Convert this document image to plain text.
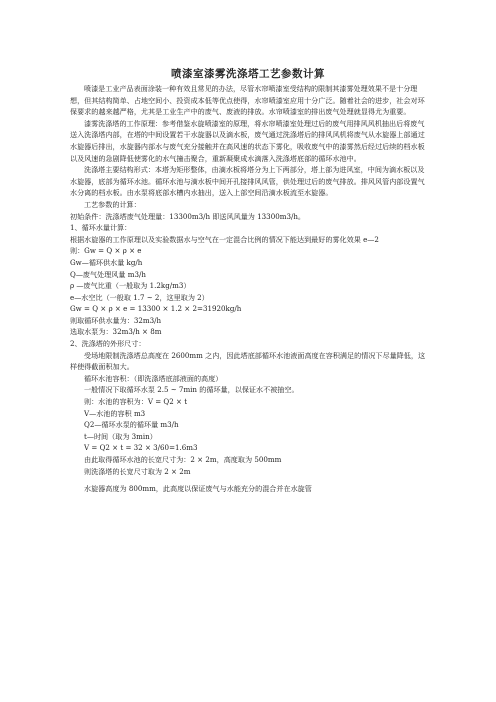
喷漆室漆雾洗涤塔工艺参数计算

喷漆是工业产品表面涂装一种有效且常见的办法，尽管水帘喷漆室受结构的限制其漆雾处理效果不是十分理想，但其结构简单、占地空间小、投资成本低等优点使得，水帘喷漆室应用十分广泛。随着社会的进步，社会对环保要求的越来越严格，尤其是工业生产中的废气、废液的排放。水帘喷漆室的排出废气处理就显得尤为重要。

漆雾洗涤塔的工作原理：参考借鉴水旋喷漆室的原理，将水帘喷漆室处理过后的废气用排风风机抽出后将废气送入洗涤塔内部，在塔的中间设置若干水旋器以及滴水板，废气通过洗涤塔后的排风风机将废气从水旋器上部通过水旋器后排出，水旋器内部水与废气充分接触并在高风速的状态下雾化，吸收废气中的漆雾然后经过后续的档水板以及风速的急剧降低使雾化的水气撞击聚合，重新凝聚成水滴落入洗涤塔底部的循环水池中。

洗涤塔主要结构形式：本塔为矩形整体，由滴水板将塔分为上下两部分，塔上部为进风室，中间为滴水板以及水旋器，底部为循环水池。循环水池与滴水板中间开孔接排风风管，供处理过后的废气排放。排风风管内部设置气水分离的档水板。由水泵将底部水槽内水抽出，送入上部空间沿滴水板流至水旋器。

工艺参数的计算：

初始条件：洗涤塔废气处理量：13300m3/h 即送风风量为 13300m3/h。

1、循环水量计算：

根据水旋器的工作原理以及实验数据水与空气在一定混合比例的情况下能达到最好的雾化效果 e—2

则：Gw = Q × ρ × e

Gw—循环供水量 kg/h

Q—废气处理风量 m3/h

ρ —废气比重（一般取为 1.2kg/m3）

e—水空比（一般取 1.7 ~ 2，这里取为 2）

Gw = Q × ρ × e = 13300 × 1.2 × 2=31920kg/h

则取循环供水量为：32m3/h

选取水泵为：32m3/h × 8m

2、洗涤塔的外形尺寸：

受场地限制洗涤塔总高度在 2600mm 之内，因此塔底部循环水池液面高度在容积满足的情况下尽量降低，这样使得截面积加大。

循环水池容积：（即洗涤塔底部液面的高度）

一般情况下取循环水泵 2.5 ~ 7min 的循环量，以保证水不被抽空。

则：水池的容积为：V = Q2 × t

V—水池的容积 m3

Q2—循环水泵的循环量 m3/h

t—时间（取为 3min）

V = Q2 × t = 32 × 3/60=1.6m3

由此取得循环水池的长宽尺寸为：2 × 2m，高度取为 500mm

则洗涤塔的长宽尺寸取为 2 × 2m

水旋器高度为 800mm，此高度以保证废气与水能充分的混合并在水旋管
